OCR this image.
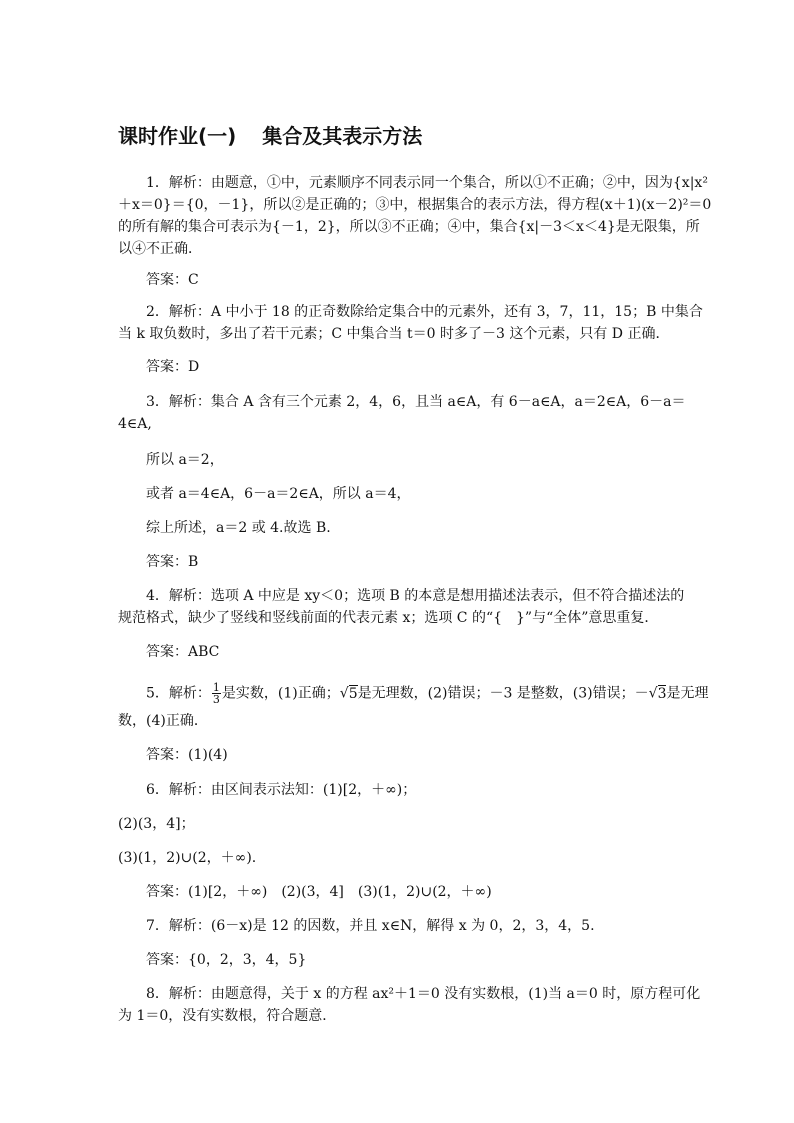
课时作业(一) 集合及其表示方法
1．解析：由题意，①中，元素顺序不同表示同一个集合，所以①不正确；②中，因为{x|x²
＋x＝0}＝{0，－1}，所以②是正确的；③中，根据集合的表示方法，得方程(x＋1)(x－2)²＝0
的所有解的集合可表示为{－1，2}，所以③不正确；④中，集合{x|－3＜x＜4}是无限集，所
以④不正确．
答案：C
2．解析：A 中小于 18 的正奇数除给定集合中的元素外，还有 3，7，11，15；B 中集合
当 k 取负数时，多出了若干元素；C 中集合当 t＝0 时多了－3 这个元素，只有 D 正确．
答案：D
3．解析：集合 A 含有三个元素 2，4，6，且当 a∈A，有 6－a∈A，a＝2∈A，6－a＝
4∈A,
所以 a＝2，
或者 a＝4∈A，6－a＝2∈A，所以 a＝4，
综上所述，a＝2 或 4.故选 B.
答案：B
4．解析：选项 A 中应是 xy＜0；选项 B 的本意是想用描述法表示，但不符合描述法的
规范格式，缺少了竖线和竖线前面的代表元素 x；选项 C 的“{　}”与“全体”意思重复．
答案：ABC
5．解析： $\frac{1}{3}$ 是实数，(1)正确；√5是无理数，(2)错误；－3 是整数，(3)错误；－√3是无理
数，(4)正确．
答案：(1)(4)
6．解析：由区间表示法知：(1)[2，＋∞)；
(2)(3，4]；
(3)(1，2)∪(2，＋∞).
答案：(1)[2，＋∞)　(2)(3，4]　(3)(1，2)∪(2，＋∞)
7．解析：(6－x)是 12 的因数，并且 x∈N，解得 x 为 0，2，3，4，5.
答案：{0，2，3，4，5}
8．解析：由题意得，关于 x 的方程 ax²＋1＝0 没有实数根，(1)当 a＝0 时，原方程可化
为 1＝0，没有实数根，符合题意．
